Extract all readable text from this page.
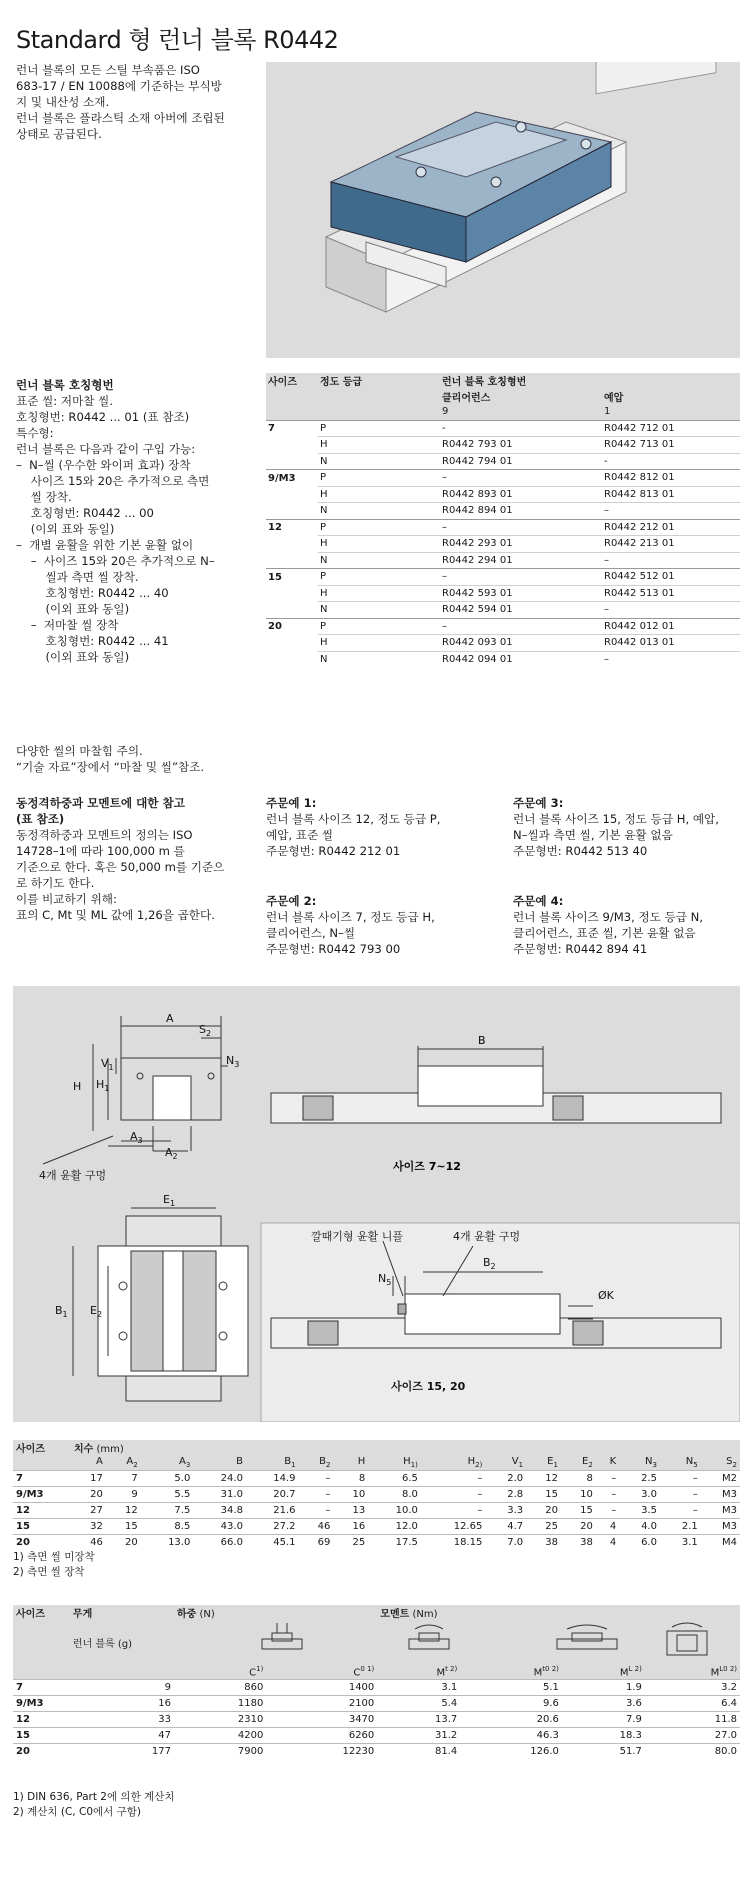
Standard 형 런너 블록 R0442
런너 블록의 모든 스틸 부속품은 ISO
683-17 / EN 10088에 기준하는 부식방
지 및 내산성 소재.
런너 블록은 플라스틱 소재 아버에 조립된
상태로 공급된다.
런너 블록 호칭형번
표준 씰: 저마찰 씰.
호칭형번: R0442 ... 01 (표 참조)
특수형:
런너 블록은 다음과 같이 구입 가능:
–  N–씰 (우수한 와이퍼 효과) 장착
사이즈 15와 20은 추가적으로 측면
씰 장착.
호칭형번: R0442 ... 00
(이외 표와 동일)
–  개별 윤활을 위한 기본 윤활 없이
–  사이즈 15와 20은 추가적으로 N–
씰과 측면 씰 장착.
호칭형번: R0442 ... 40
(이외 표와 동일)
–  저마찰 씰 장착
호칭형번: R0442 ... 41
(이외 표와 동일)
사이즈	정도 등급	런너 블록 호칭형번	
		클리어런스	예압
		9	1
7	P	-	R0442 712 01
	H	R0442 793 01	R0442 713 01
	N	R0442 794 01	-
9/M3	P	–	R0442 812 01
	H	R0442 893 01	R0442 813 01
	N	R0442 894 01	–
12	P	–	R0442 212 01
	H	R0442 293 01	R0442 213 01
	N	R0442 294 01	–
15	P	–	R0442 512 01
	H	R0442 593 01	R0442 513 01
	N	R0442 594 01	–
20	P	–	R0442 012 01
	H	R0442 093 01	R0442 013 01
	N	R0442 094 01	–
다양한 씰의 마찰힘 주의.
“기술 자료”장에서 “마찰 및 씰”참조.
동정격하중과 모멘트에 대한 참고
(표 참조)
동정격하중과 모멘트의 정의는 ISO
14728–1에 따라 100,000 m 를
기준으로 한다. 혹은 50,000 m를 기준으
로 하기도 한다.
이를 비교하기 위해:
표의 C, Mt 및 ML 값에 1,26을 곱한다.
주문예 1:
런너 블록 사이즈 12, 정도 등급 P,
예압, 표준 씰
주문형번: R0442 212 01
주문예 3:
런너 블록 사이즈 15, 정도 등급 H, 예압,
N–씰과 측면 씰, 기본 윤활 없음
주문형번: R0442 513 40
주문예 2:
런너 블록 사이즈 7, 정도 등급 H,
클리어런스, N–씰
주문형번: R0442 793 00
주문예 4:
런너 블록 사이즈 9/M3, 정도 등급 N,
클리어런스, 표준 씰, 기본 윤활 없음
주문형번: R0442 894 41
A
$S_2$
$V_1$
$N_3$
H $H_1$
$A_3$
$A_2$
4개 윤활 구멍
B
사이즈 7~12
$E_1$
$B_1$ $E_2$
깔때기형 윤활 니플	4개 윤활 구멍
$N_5$
$B_2$
ØK
사이즈 15, 20
사이즈	치수 (mm)															
	A	$A_2$	$A_3$	B	$B_1$	$B_2$	H	$H_{1)}$	$H_{2)}$	$V_1$	$E_1$	$E_2$	K	$N_3$	$N_5$	$S_2$
7	17	7	5.0	24.0	14.9	–	8	6.5	–	2.0	12	8	–	2.5	–	M2
9/M3	20	9	5.5	31.0	20.7	–	10	8.0	–	2.8	15	10	–	3.0	–	M3
12	27	12	7.5	34.8	21.6	–	13	10.0	–	3.3	20	15	–	3.5	–	M3
15	32	15	8.5	43.0	27.2	46	16	12.0	12.65	4.7	25	20	4	4.0	2.1	M3
20	46	20	13.0	66.0	45.1	69	25	17.5	18.15	7.0	38	38	4	6.0	3.1	M4
1) 측면 씰 미장착
2) 측면 씰 장착
사이즈	무게	하중 (N)		모멘트 (Nm)			
	런너 블록 (g)	
		$C^{1)}$	$C^{0 1)}$	$M^{t 2)}$	$M^{t0 2)}$	$M^{L 2)}$	$M^{L0 2)}$
7	9	860	1400	3.1	5.1	1.9	3.2
9/M3	16	1180	2100	5.4	9.6	3.6	6.4
12	33	2310	3470	13.7	20.6	7.9	11.8
15	47	4200	6260	31.2	46.3	18.3	27.0
20	177	7900	12230	81.4	126.0	51.7	80.0
1) DIN 636, Part 2에 의한 계산치
2) 계산치 (C, C0에서 구함)
